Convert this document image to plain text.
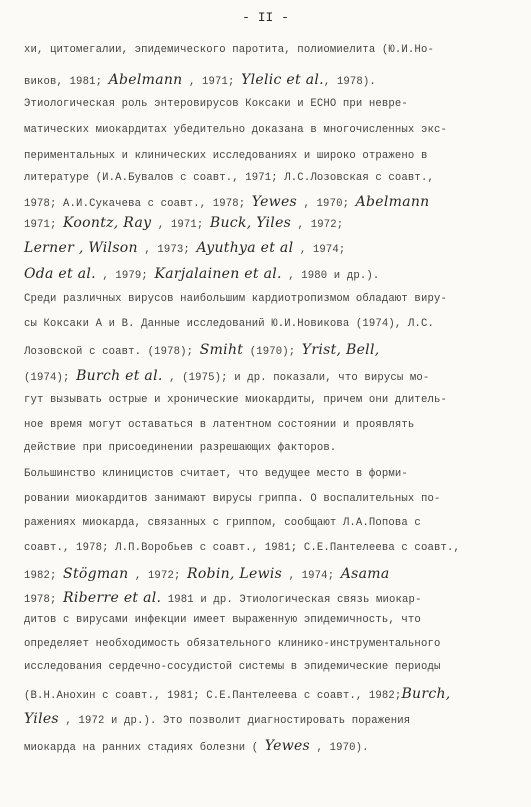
- II -
хи, цитомегалии, эпидемического паротита, полиомиелита (Ю.И.Но-
виков, 1981; Abelmann , 1971; Ylelic et al., 1978).
Этиологическая роль энтеровирусов Коксаки и ЕСНО при невре-
матических миокардитах убедительно доказана в многочисленных экс-
периментальных и клинических исследованиях и широко отражено в
литературе (И.А.Бувалов с соавт., 1971; Л.С.Лозовская с соавт.,
1978; А.И.Сукачева с соавт., 1978; Yewes , 1970; Abelmann
1971; Koontz, Ray , 1971; Buck, Yiles , 1972;
Lerner , Wilson , 1973; Ayuthya et al , 1974;
Oda et al. , 1979; Karjalainen et al. , 1980 и др.).
Среди различных вирусов наибольшим кардиотропизмом обладают виру-
сы Коксаки А и В. Данные исследований Ю.И.Новикова (1974), Л.С.
Лозовской с соавт. (1978); Smiht (1970); Yrist, Bell,
(1974); Burch et al. , (1975); и др. показали, что вирусы мо-
гут вызывать острые и хронические миокардиты, причем они длитель-
ное время могут оставаться в латентном состоянии и проявлять
действие при присоединении разрешающих факторов.
Большинство клиницистов считает, что ведущее место в форми-
ровании миокардитов занимают вирусы гриппа. О воспалительных по-
ражениях миокарда, связанных с гриппом, сообщают Л.А.Попова с
соавт., 1978; Л.П.Воробьев с соавт., 1981; С.Е.Пантелеева с соавт.,
1982; Stögman , 1972; Robin, Lewis , 1974; Asama
1978; Riberre et al. 1981 и др. Этиологическая связь миокар-
дитов с вирусами инфекции имеет выраженную эпидемичность, что
определяет необходимость обязательного клинико-инструментального
исследования сердечно-сосудистой системы в эпидемические периоды
(В.Н.Анохин с соавт., 1981; С.Е.Пантелеева с соавт., 1982;Burch,
Yiles , 1972 и др.). Это позволит диагностировать поражения
миокарда на ранних стадиях болезни ( Yewes , 1970).
